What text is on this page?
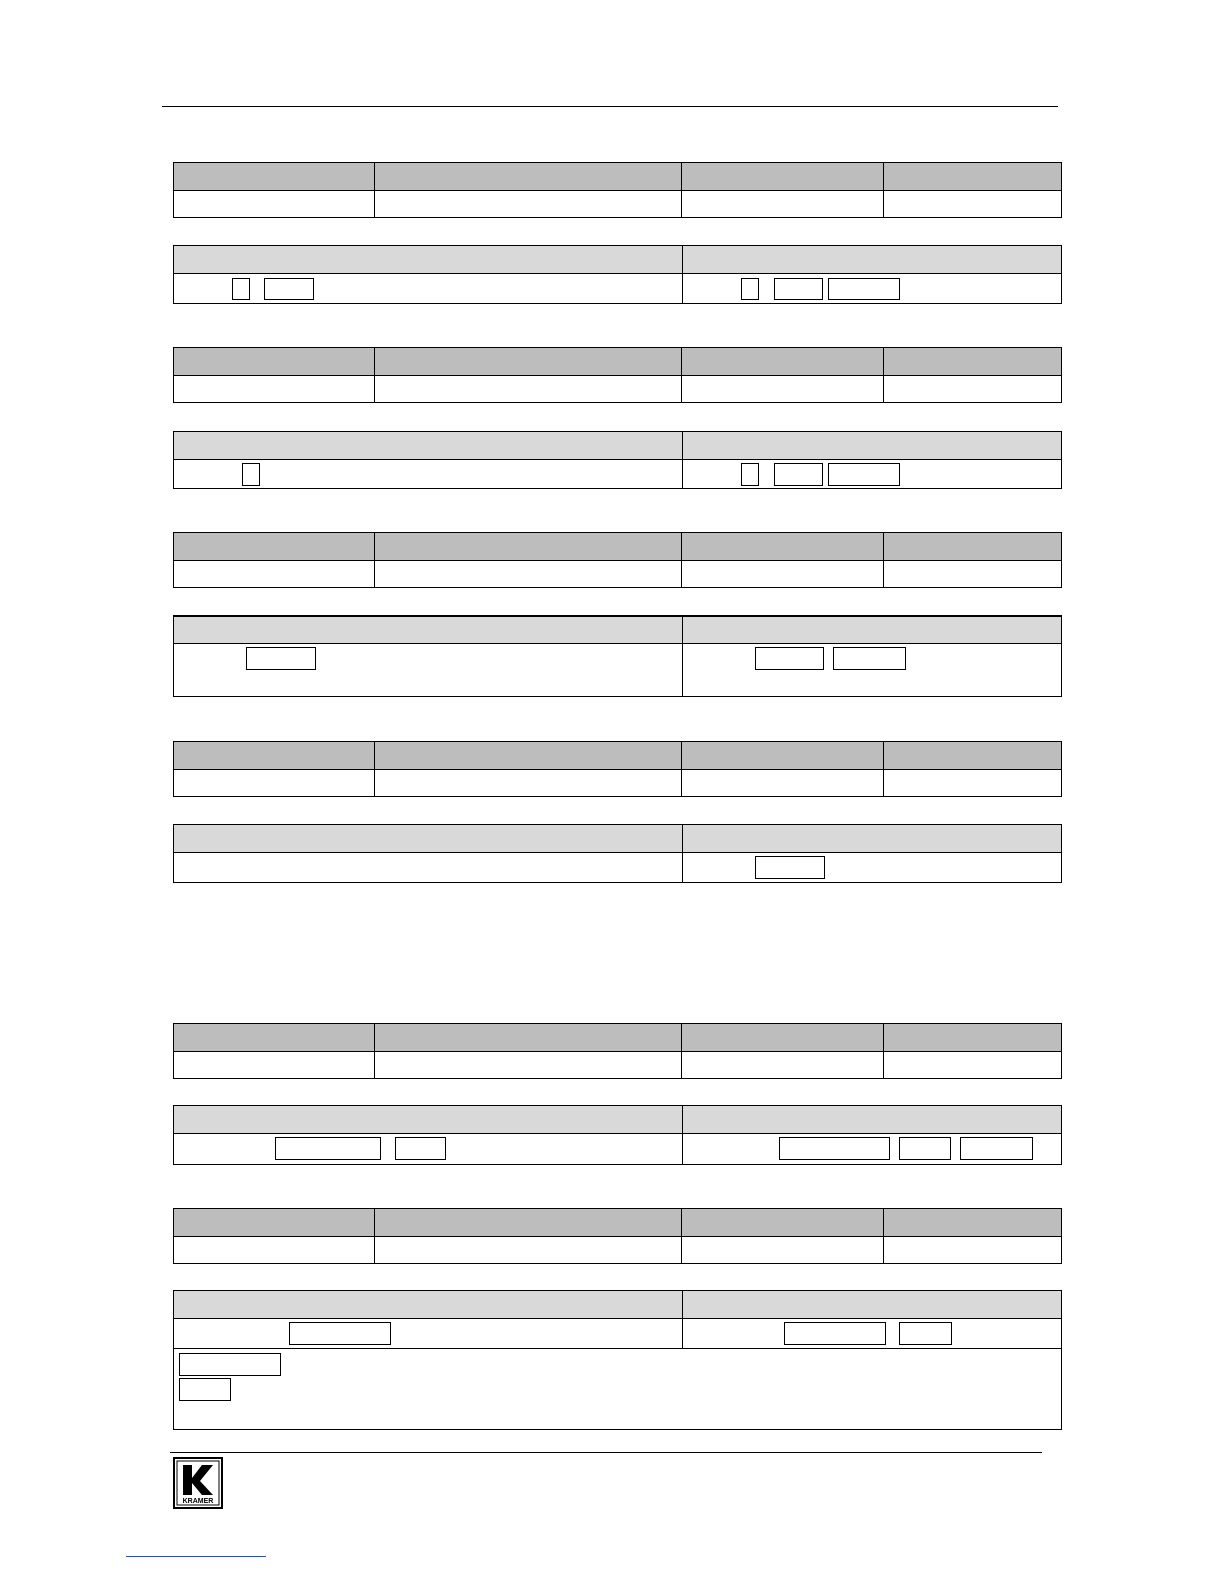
KRAMER
